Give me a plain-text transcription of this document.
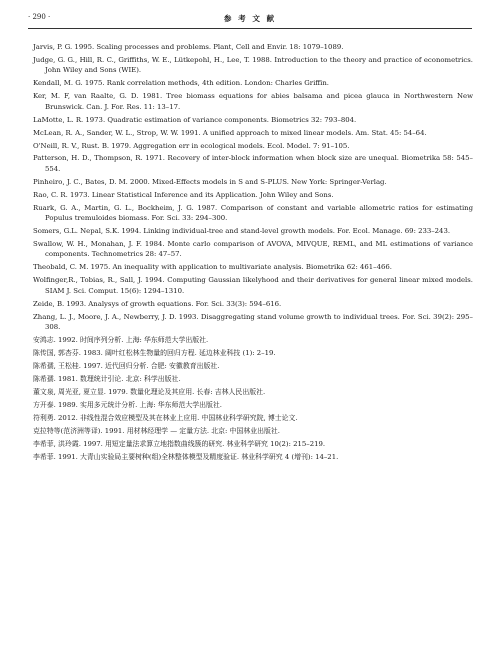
· 290 ·	参 考 文 献

Jarvis, P. G. 1995. Scaling processes and problems. Plant, Cell and Envir. 18: 1079–1089.

Judge, G. G., Hill, R. C., Griffiths, W. E., Lütkepohl, H., Lee, T. 1988. Introduction to the theory and practice of econometrics. John Wiley and Sons (WIE).

Kendall, M. G. 1975. Rank correlation methods, 4th edition. London: Charles Griffin.

Ker, M. F, van Raalte, G. D. 1981. Tree biomass equations for abies balsama and picea glauca in Northwestern New Brunswick. Can. J. For. Res. 11: 13–17.

LaMotte, L. R. 1973. Quadratic estimation of variance components. Biometrics 32: 793–804.

McLean, R. A., Sander, W. L., Strop, W. W. 1991. A unified approach to mixed linear models. Am. Stat. 45: 54–64.

O'Neill, R. V., Rust. B. 1979. Aggregation err in ecological models. Ecol. Model. 7: 91–105.

Patterson, H. D., Thompson, R. 1971. Recovery of inter-block information when block size are unequal. Biometrika 58: 545–554.

Pinheiro, J. C., Bates, D. M. 2000. Mixed-Effects models in S and S-PLUS. New York: Springer-Verlag.

Rao, C. R. 1973. Linear Statistical Inference and its Application. John Wiley and Sons.

Ruark, G. A., Martin, G. L., Bockheim, J. G. 1987. Comparison of constant and variable allometric ratios for estimating Populus tremuloides biomass. For. Sci. 33: 294–300.

Somers, G.L. Nepal, S.K. 1994. Linking individual-tree and stand-level growth models. For. Ecol. Manage. 69: 233–243.

Swallow, W. H., Monahan, J. F. 1984. Monte carlo comparison of AVOVA, MIVQUE, REML, and ML estimations of variance components. Technometrics 28: 47–57.

Theobald, C. M. 1975. An inequality with application to multivariate analysis. Biometrika 62: 461–466.

Wolfinger,R., Tobias, R., Sall, J. 1994. Computing Gaussian likelyhood and their derivatives for general linear mixed models. SIAM J. Sci. Comput. 15(6): 1294–1310.

Zeide, B. 1993. Analysys of growth equations. For. Sci. 33(3): 594–616.

Zhang, L. J., Moore, J. A., Newberry, J. D. 1993. Disaggregating stand volume growth to individual trees. For. Sci. 39(2): 295–308.

安鸿志. 1992. 时间序列分析. 上海: 华东师范大学出版社.

陈传国, 郭杏芬. 1983. 阔叶红松林生物量的回归方程. 延边林业科技 (1): 2–19.

陈希孺, 王松桂. 1997. 近代回归分析. 合肥: 安徽教育出版社.

陈希孺. 1981. 数理统计引论. 北京: 科学出版社.

董文泉, 周光亚, 夏立显. 1979. 数量化理论及其应用. 长春: 吉林人民出版社.

方开泰. 1989. 实用多元统计分析. 上海: 华东师范大学出版社.

符利勇. 2012. 非线性混合效应模型及其在林业上应用. 中国林业科学研究院, 博士论文.

克拉特等(范济洲等译). 1991. 用材林经理学 — 定量方法. 北京: 中国林业出版社.

李希菲, 洪玲霞. 1997. 用短定量法求算立地指数曲线簇的研究. 林业科学研究 10(2): 215–219.

李希菲. 1991. 大青山实验局主要树种(组)全林整体模型及精度验证. 林业科学研究 4 (增刊): 14–21.
